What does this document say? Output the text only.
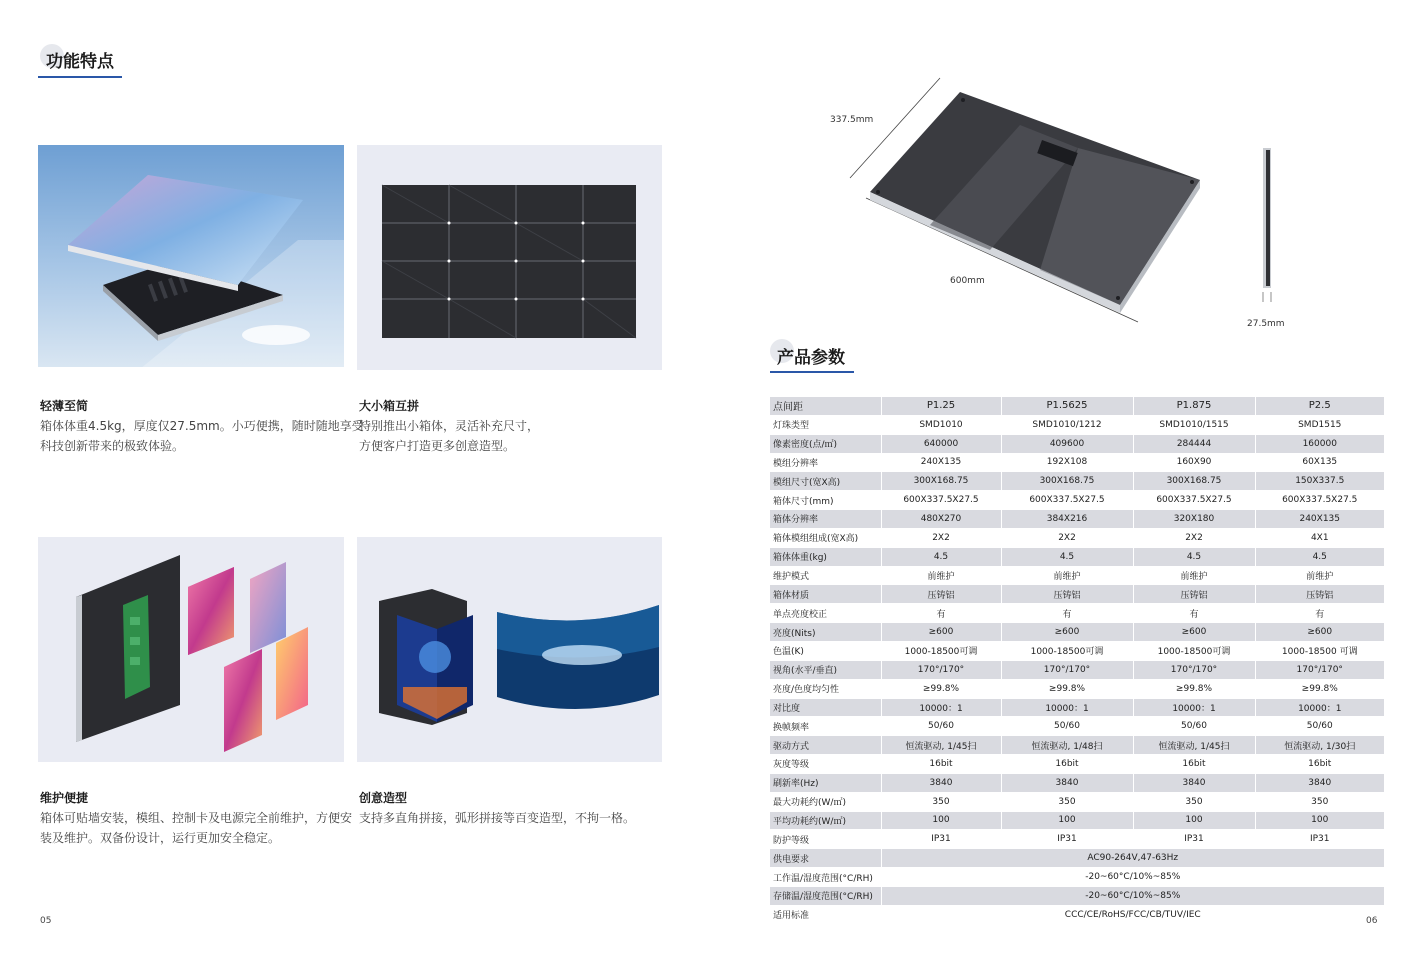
功能特点
轻薄至简
箱体体重4.5kg，厚度仅27.5mm。小巧便携，随时随地享受
科技创新带来的极致体验。
大小箱互拼
特别推出小箱体，灵活补充尺寸，
方便客户打造更多创意造型。
维护便捷
箱体可贴墙安装，模组、控制卡及电源完全前维护，方便安
装及维护。双备份设计，运行更加安全稳定。
创意造型
支持多直角拼接，弧形拼接等百变造型，不拘一格。
05
337.5mm
600mm
27.5mm
产品参数
点间距	P1.25	P1.5625	P1.875	P2.5
灯珠类型	SMD1010	SMD1010/1212	SMD1010/1515	SMD1515
像素密度(点/㎡)	640000	409600	284444	160000
模组分辨率	240X135	192X108	160X90	60X135
模组尺寸(宽X高)	300X168.75	300X168.75	300X168.75	150X337.5
箱体尺寸(mm)	600X337.5X27.5	600X337.5X27.5	600X337.5X27.5	600X337.5X27.5
箱体分辨率	480X270	384X216	320X180	240X135
箱体模组组成(宽X高)	2X2	2X2	2X2	4X1
箱体体重(kg)	4.5	4.5	4.5	4.5
维护模式	前维护	前维护	前维护	前维护
箱体材质	压铸铝	压铸铝	压铸铝	压铸铝
单点亮度校正	有	有	有	有
亮度(Nits)	≥600	≥600	≥600	≥600
色温(K)	1000-18500可调	1000-18500可调	1000-18500可调	1000-18500 可调
视角(水平/垂直)	170°/170°	170°/170°	170°/170°	170°/170°
亮度/色度均匀性	≥99.8%	≥99.8%	≥99.8%	≥99.8%
对比度	10000：1	10000：1	10000：1	10000：1
换帧频率	50/60	50/60	50/60	50/60
驱动方式	恒流驱动, 1/45扫	恒流驱动, 1/48扫	恒流驱动, 1/45扫	恒流驱动, 1/30扫
灰度等级	16bit	16bit	16bit	16bit
刷新率(Hz)	3840	3840	3840	3840
最大功耗约(W/㎡)	350	350	350	350
平均功耗约(W/㎡)	100	100	100	100
防护等级	IP31	IP31	IP31	IP31
供电要求	AC90-264V,47-63Hz			
工作温/湿度范围(°C/RH)	-20~60°C/10%~85%			
存储温/湿度范围(°C/RH)	-20~60°C/10%~85%			
适用标准	CCC/CE/RoHS/FCC/CB/TUV/IEC			
06
